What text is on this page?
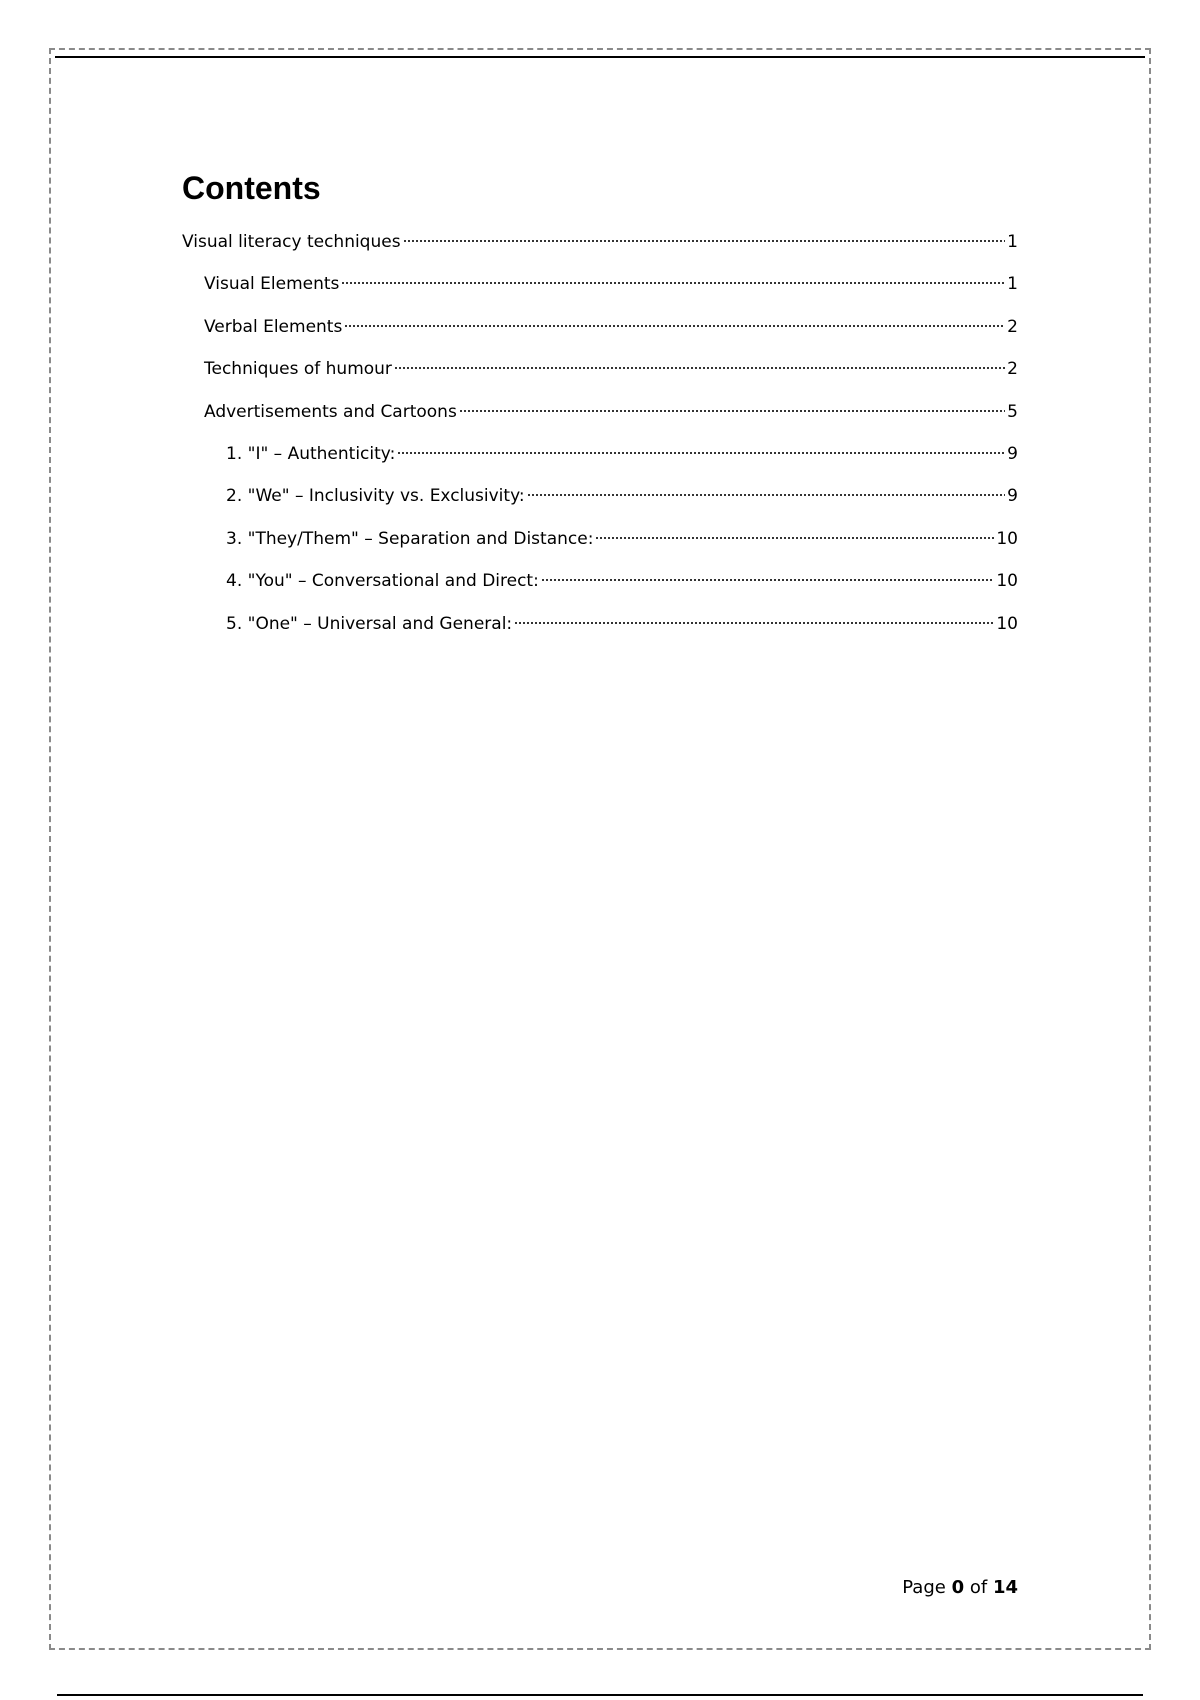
Contents
Visual literacy techniques	1
Visual Elements	1
Verbal Elements	2
Techniques of humour	2
Advertisements and Cartoons	5
1. "I" – Authenticity:	9
2. "We" – Inclusivity vs. Exclusivity:	9
3. "They/Them" – Separation and Distance:	10
4. "You" – Conversational and Direct:	10
5. "One" – Universal and General:	10
Page 0 of 14
